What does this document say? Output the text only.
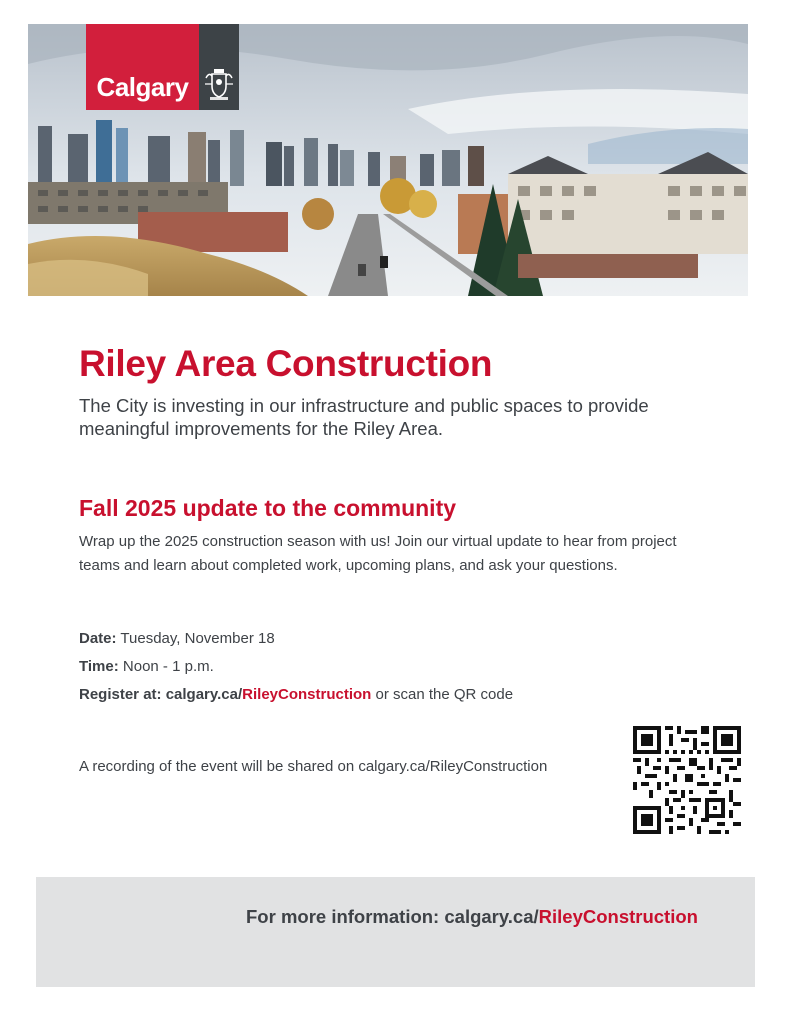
Calgary
Riley Area Construction

The City is investing in our infrastructure and public spaces to provide meaningful improvements for the Riley Area.

Fall 2025 update to the community

Wrap up the 2025 construction season with us! Join our virtual update to hear from project teams and learn about completed work, upcoming plans, and ask your questions.

Date: Tuesday, November 18
Time: Noon - 1 p.m.
Register at: calgary.ca/RileyConstruction or scan the QR code

A recording of the event will be shared on calgary.ca/RileyConstruction

For more information: calgary.ca/RileyConstruction
